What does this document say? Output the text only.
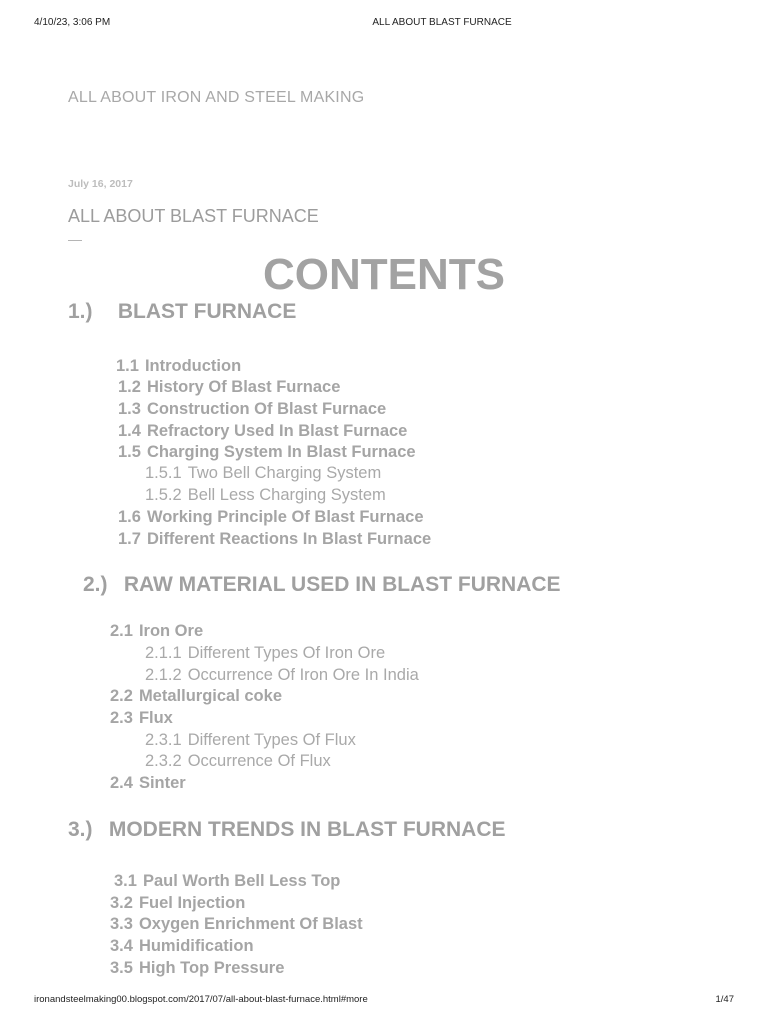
4/10/23, 3:06 PM	ALL ABOUT BLAST FURNACE
ALL ABOUT IRON AND STEEL MAKING
July 16, 2017
ALL ABOUT BLAST FURNACE
CONTENTS
1.) BLAST FURNACE
1.1 Introduction
1.2 History Of Blast Furnace
1.3 Construction Of Blast Furnace
1.4 Refractory Used In Blast Furnace
1.5 Charging System In Blast Furnace
1.5.1 Two Bell Charging System
1.5.2 Bell Less Charging System
1.6 Working Principle Of Blast Furnace
1.7 Different Reactions In Blast Furnace
2.) RAW MATERIAL USED IN BLAST FURNACE
2.1 Iron Ore
2.1.1 Different Types Of Iron Ore
2.1.2 Occurrence Of Iron Ore In India
2.2 Metallurgical coke
2.3 Flux
2.3.1 Different Types Of Flux
2.3.2 Occurrence Of Flux
2.4 Sinter
3.) MODERN TRENDS IN BLAST FURNACE
3.1 Paul Worth Bell Less Top
3.2 Fuel Injection
3.3 Oxygen Enrichment Of Blast
3.4 Humidification
3.5 High Top Pressure
ironandsteelmaking00.blogspot.com/2017/07/all-about-blast-furnace.html#more	1/47
